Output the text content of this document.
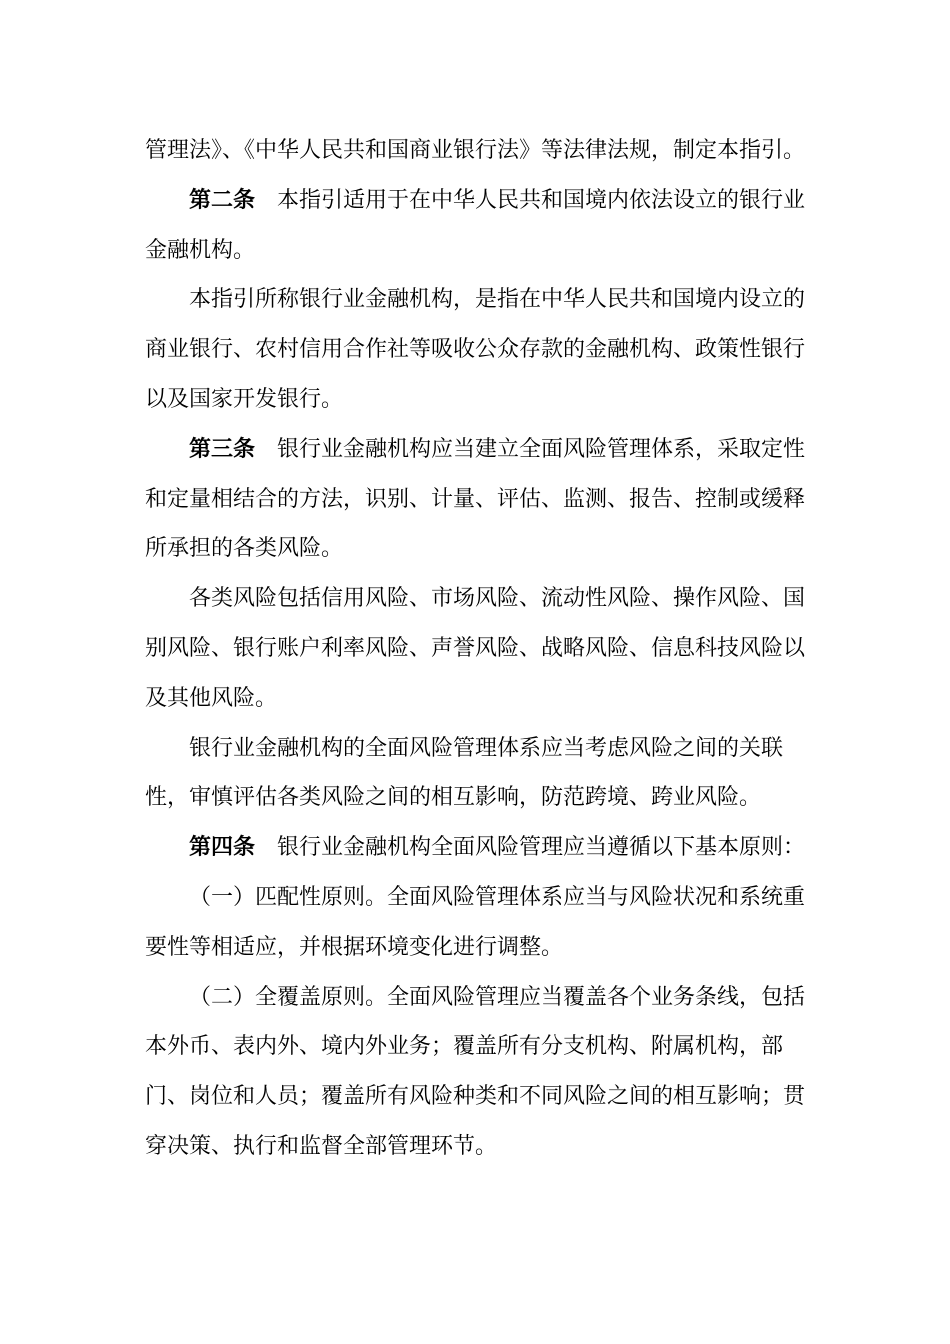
管理法》、《中华人民共和国商业银行法》等法律法规，制定本指引。

第二条 本指引适用于在中华人民共和国境内依法设立的银行业金融机构。

本指引所称银行业金融机构，是指在中华人民共和国境内设立的商业银行、农村信用合作社等吸收公众存款的金融机构、政策性银行以及国家开发银行。

第三条 银行业金融机构应当建立全面风险管理体系，采取定性和定量相结合的方法，识别、计量、评估、监测、报告、控制或缓释所承担的各类风险。

各类风险包括信用风险、市场风险、流动性风险、操作风险、国别风险、银行账户利率风险、声誉风险、战略风险、信息科技风险以及其他风险。

银行业金融机构的全面风险管理体系应当考虑风险之间的关联性，审慎评估各类风险之间的相互影响，防范跨境、跨业风险。

第四条 银行业金融机构全面风险管理应当遵循以下基本原则：

（一）匹配性原则。全面风险管理体系应当与风险状况和系统重要性等相适应，并根据环境变化进行调整。

（二）全覆盖原则。全面风险管理应当覆盖各个业务条线，包括本外币、表内外、境内外业务；覆盖所有分支机构、附属机构，部门、岗位和人员；覆盖所有风险种类和不同风险之间的相互影响；贯穿决策、执行和监督全部管理环节。
